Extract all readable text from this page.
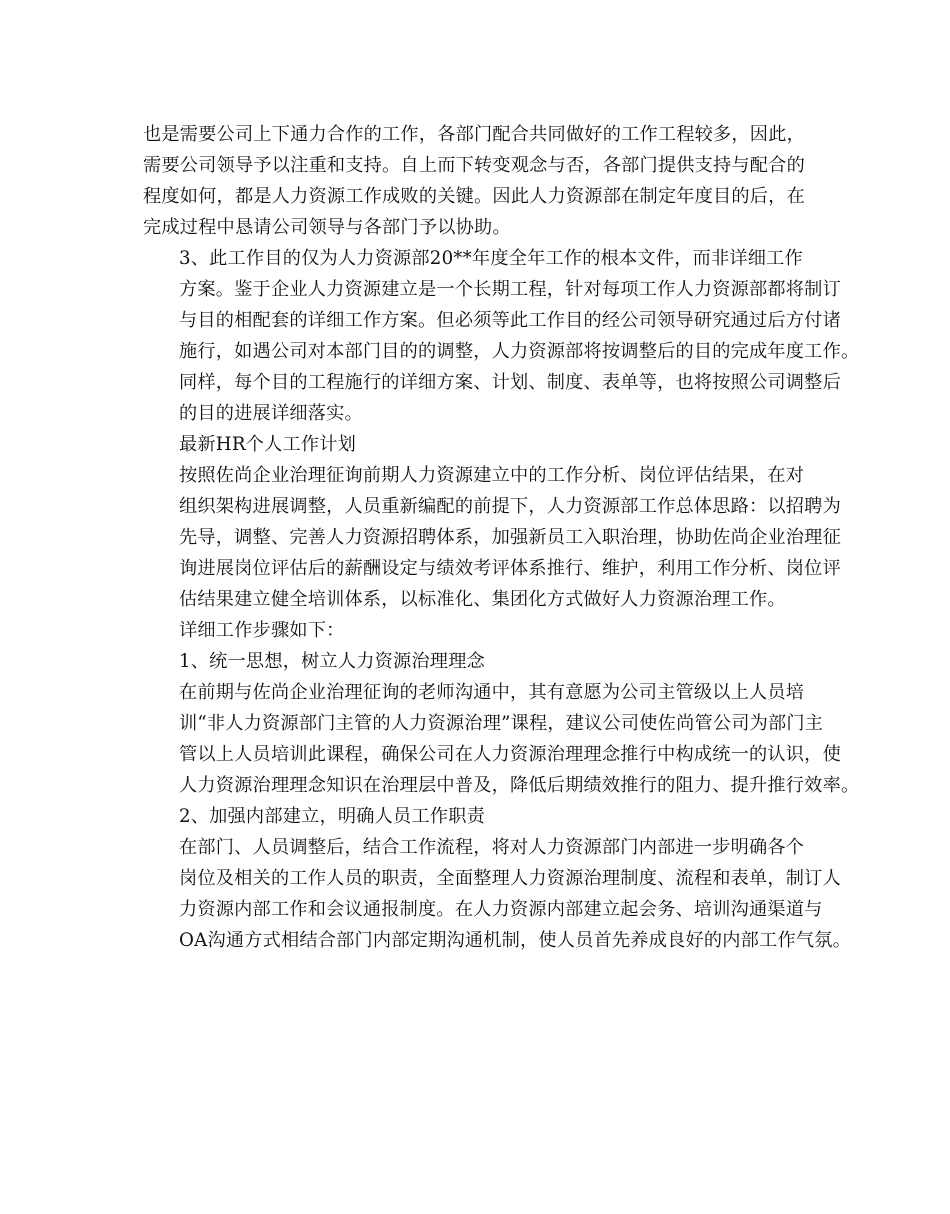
也是需要公司上下通力合作的工作，各部门配合共同做好的工作工程较多，因此，
需要公司领导予以注重和支持。自上而下转变观念与否，各部门提供支持与配合的
程度如何，都是人力资源工作成败的关键。因此人力资源部在制定年度目的后，在
完成过程中恳请公司领导与各部门予以协助。

3、此工作目的仅为人力资源部20**年度全年工作的根本文件，而非详细工作
方案。鉴于企业人力资源建立是一个长期工程，针对每项工作人力资源部都将制订
与目的相配套的详细工作方案。但必须等此工作目的经公司领导研究通过后方付诸
施行，如遇公司对本部门目的的调整，人力资源部将按调整后的目的完成年度工作。
同样，每个目的工程施行的详细方案、计划、制度、表单等，也将按照公司调整后
的目的进展详细落实。

最新HR个人工作计划

按照佐尚企业治理征询前期人力资源建立中的工作分析、岗位评估结果，在对
组织架构进展调整，人员重新编配的前提下，人力资源部工作总体思路：以招聘为
先导，调整、完善人力资源招聘体系，加强新员工入职治理，协助佐尚企业治理征
询进展岗位评估后的薪酬设定与绩效考评体系推行、维护，利用工作分析、岗位评
估结果建立健全培训体系，以标准化、集团化方式做好人力资源治理工作。

详细工作步骤如下：

1、统一思想，树立人力资源治理理念

在前期与佐尚企业治理征询的老师沟通中，其有意愿为公司主管级以上人员培
训“非人力资源部门主管的人力资源治理”课程，建议公司使佐尚管公司为部门主
管以上人员培训此课程，确保公司在人力资源治理理念推行中构成统一的认识，使
人力资源治理理念知识在治理层中普及，降低后期绩效推行的阻力、提升推行效率。

2、加强内部建立，明确人员工作职责

在部门、人员调整后，结合工作流程，将对人力资源部门内部进一步明确各个
岗位及相关的工作人员的职责，全面整理人力资源治理制度、流程和表单，制订人
力资源内部工作和会议通报制度。在人力资源内部建立起会务、培训沟通渠道与
OA沟通方式相结合部门内部定期沟通机制，使人员首先养成良好的内部工作气氛。
